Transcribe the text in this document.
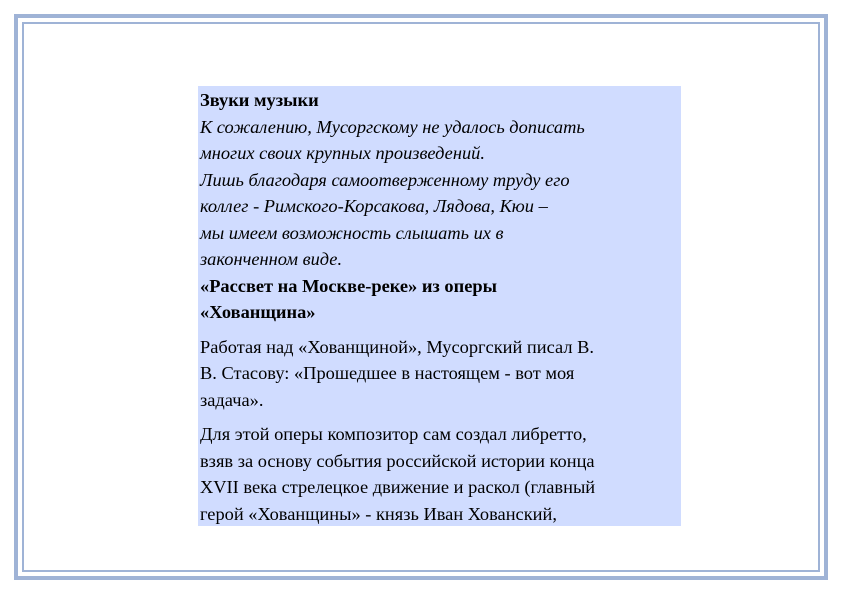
Звуки музыки
К сожалению, Мусоргскому не удалось дописать
многих своих крупных произведений.
Лишь благодаря самоотверженному труду его
коллег - Римского-Корсакова, Лядова, Кюи –
мы имеем возможность слышать их в
законченном виде.
«Рассвет на Москве-реке» из оперы
«Хованщина»
Работая над «Хованщиной», Мусоргский писал В.
В. Стасову: «Прошедшее в настоящем - вот моя
задача».
Для этой оперы композитор сам создал либретто,
взяв за основу события российской истории конца
XVII века стрелецкое движение и раскол (главный
герой «Хованщины» - князь Иван Хованский,
